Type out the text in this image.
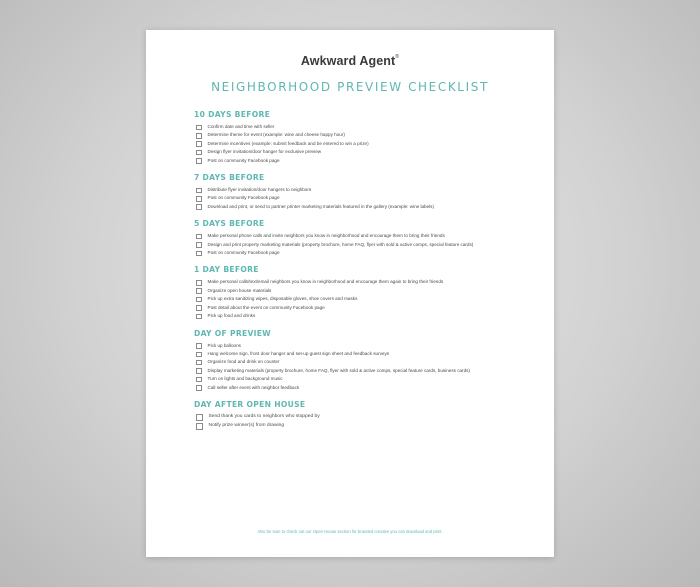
Awkward Agent®
NEIGHBORHOOD PREVIEW CHECKLIST
10 DAYS BEFORE
Confirm date and time with seller
Determine theme for event (example: wine and cheese happy hour)
Determine incentives (example: submit feedback and be entered to win a prize)
Design flyer invitation/door hanger for exclusive preview
Post on community Facebook page
7 DAYS BEFORE
Distribute flyer invitation/door hangers to neighbors
Post on community Facebook page
Download and print, or send to partner printer marketing materials featured in the gallery (example: wine labels)
5 DAYS BEFORE
Make personal phone calls and invite neighbors you know in neighborhood and encourage them to bring their friends
Design and print property marketing materials (property brochure, home FAQ, flyer with sold & active comps, special feature cards)
Post on community Facebook page
1 DAY BEFORE
Make personal calls/text/email neighbors you know in neighborhood and encourage them again to bring their friends
Organize open house materials
Pick up extra sanitizing wipes, disposable gloves, shoe covers and masks
Post detail about the event on community Facebook page
Pick up food and drinks
DAY OF PREVIEW
Pick up balloons
Hang welcome sign, front door hanger and set-up guest sign sheet and feedback surveys
Organize food and drink on counter
Display marketing materials (property brochure, home FAQ, flyer with sold & active comps, special feature cards, business cards)
Turn on lights and background music
Call seller after event with neighbor feedback
DAY AFTER OPEN HOUSE
Send thank you cards to neighbors who stopped by
Notify prize winner(s) from drawing
Also be sure to check out our Open House section for branded creative you can download and print.
